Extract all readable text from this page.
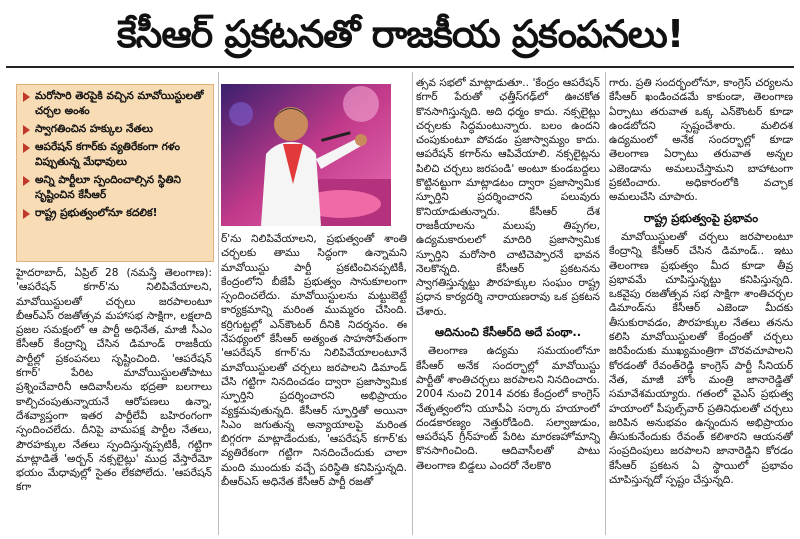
కేసీఆర్ ప్రకటనతో రాజకీయ ప్రకంపనలు!
మరోసారి తెరపైకి వచ్చిన మావోయిస్టులతో చర్చల అంశం
స్వాగతించిన హక్కుల నేతలు
ఆపరేషన్ కగార్‌కు వ్యతిరేకంగా గళం విప్పుతున్న మేధావులు
అన్ని పార్టీలూ స్పందించాల్సిన స్థితిని సృష్టించిన కేసీఆర్
రాష్ట్ర ప్రభుత్వంలోనూ కదలిక!

హైదరాబాద్, ఏప్రిల్ 28 (నమస్తే తెలంగాణ): 'ఆపరేషన్ కగార్'ను నిలిపివేయాలని, మావోయిస్టులతో చర్చలు జరపాలంటూ బీఆర్ఎస్ రజతోత్సవ మహాసభ సాక్షిగా, లక్షలాది ప్రజల సమక్షంలో ఆ పార్టీ అధినేత, మాజీ సీఎం కేసీఆర్ కేంద్రాన్ని చేసిన డిమాండ్ రాజకీయ పార్టీల్లో ప్రకంపనలు సృష్టించింది. 'ఆపరేషన్ కగార్' పేరిట మావోయిస్టులతోపాటు ప్రశ్నించేవారినీ ఆదివాసీలను భద్రతా బలగాలు కాల్చిచంపుతున్నాయనే ఆరోపణలు ఉన్నా, దేశవ్యాప్తంగా ఇతర పార్టీలేవీ బహిరంగంగా స్పందించలేదు. దీనిపై వామపక్ష పార్టీల నేతలు, పౌరహక్కుల నేతలు స్పందిస్తున్నప్పటికీ, గట్టిగా మాట్లాడితే 'అర్బన్ నక్సలైట్లు' ముద్ర వేస్తారేమో భయం మేధావుల్లో సైతం లేకపోలేదు. 'ఆపరేషన్ కగా

ర్'ను నిలిపివేయాలని, ప్రభుత్వంతో శాంతి చర్చలకు తాము సిద్ధంగా ఉన్నామని మావోయిస్టు పార్టీ ప్రకటించినప్పటికీ, కేంద్రంలోని బీజేపీ ప్రభుత్వం సానుకూలంగా స్పందించలేదు. మావోయిస్టులను మట్టుబెట్టే కార్యక్రమాన్ని మరింత ముమ్మరం చేసింది. కర్రిగుట్టల్లో ఎన్‌కౌంటర్ దీనికి నిదర్శనం. ఈ నేపథ్యంలో కేసీఆర్ అత్యంత సాహసోపేతంగా 'ఆపరేషన్ కగార్'ను నిలిపివేయాలంటూనే మావోయిస్టులతో చర్చలు జరపాలని డిమాండ్ చేసి గట్టిగా నినదించడం ద్వారా ప్రజాస్వామిక స్ఫూర్తిని ప్రదర్శించారని అభిప్రాయం వ్యక్తమవుతున్నది. కేసీఆర్ స్ఫూర్తితో అయినా సిఎం జగుతున్న అన్యాయాలపై మరింత బిగ్గరగా మాట్లాడేందుకు, 'ఆపరేషన్ కగార్'కు వ్యతిరేకంగా గట్టిగా నినదించేందుకు చాలా మంది ముందుకు వచ్చే పరిస్థితి కనిపిస్తున్నది. బీఆర్ఎస్ అధినేత కేసీఆర్ పార్టీ రజతో

త్సవ సభలో మాట్లాడుతూ.. 'కేంద్రం ఆపరేషన్ కగార్ పేరుతో ఛత్తీస్‌గఢ్‌లో ఊచకోత కొనసాగిస్తున్నది. అది ధర్మం కాదు. నక్సలైట్లు చర్చలకు సిద్ధమంటున్నారు. బలం ఉందని చంపుకుంటూ పోవడం ప్రజాస్వామ్యం కాదు. ఆపరేషన్ కగార్‌ను ఆపివేయాలి. నక్సలైట్లను పిలిచి చర్చలు జరపండి' అంటూ కుండబద్దలు కొట్టినట్టుగా మాట్లాడటం ద్వారా ప్రజాస్వామిక స్ఫూర్తిని ప్రదర్శించారని పలువురు కొనియాడుతున్నారు. కేసీఆర్ దేశ రాజకీయాలను మలుపు తిప్పగల, ఉద్యమకారులలో మాదిరి ప్రజాస్వామిక స్ఫూర్తిని మరోసారి చాటిచెప్పారనే భావన నెలకొన్నది. కేసీఆర్ ప్రకటనను స్వాగతిస్తున్నట్టు పౌరహక్కుల సంఘం రాష్ట్ర ప్రధాన కార్యదర్శి నారాయణరావు ఒక ప్రకటన చేశారు.

ఆదినుంచి కేసీఆర్‌ది అదే పంథా..

తెలంగాణ ఉద్యమ సమయంలోనూ కేసీఆర్ అనేక సందర్భాల్లో మావోయిస్టు పార్టీతో శాంతిచర్చలు జరపాలని నినదించారు. 2004 నుంచి 2014 వరకు కేంద్రంలో కాంగ్రెస్ నేతృత్వంలోని యూపీఏ సర్కారు హయాంలో దండకారణ్యం నెత్తురోడింది. సల్వాజుడుం, ఆపరేషన్ గ్రీన్‌హంట్ పేరిట మారణహోమాన్ని కొనసాగించింది. ఆదివాసీలతో పాటు తెలంగాణ బిడ్డలు ఎందరో నేలకొరి

గారు. ప్రతి సందర్భంలోనూ, కాంగ్రెస్ చర్యలను కేసీఆర్ ఖండించడమే కాకుండా, తెలంగాణ ఏర్పాటు తరువాత ఒక్క ఎన్‌కౌంటర్ కూడా ఉండబోదని స్పష్టంచేశారు. మలిదశ ఉద్యమంలో అనేక సందర్భాల్లో కూడా తెలంగాణ ఏర్పాటు తరువాత అన్నల ఎజెండాను అమలుచేస్తామని బాహాటంగా ప్రకటించారు. అధికారంలోకి వచ్చాక అమలుచేసి చూపారు.

రాష్ట్ర ప్రభుత్వంపై ప్రభావం

మావోయిస్టులతో చర్చలు జరపాలంటూ కేంద్రాన్ని కేసీఆర్ చేసిన డిమాండ్.. ఇటు తెలంగాణ ప్రభుత్వం మీద కూడా తీవ్ర ప్రభావమే చూపిస్తున్నట్టు కనిపిస్తున్నది. ఒకవైపు రజతోత్సవ సభ సాక్షిగా శాంతిచర్చల డిమాండ్‌ను కేసీఆర్ ఎజెండా మీదకు తీసుకురావడం, పౌరహక్కుల నేతలు తనను కలిసి మావోయిస్టులతో కేంద్రంతో చర్చలు జరిపేందుకు ముఖ్యమంత్రిగా చొరవచూపాలని కోరడంతో రేవంత్‌రెడ్డి కాంగ్రెస్ పార్టీ సీనియర్ నేత, మాజీ హోం మంత్రి జానారెడ్డితో సమావేశమయ్యారు. గతంలో వైఎస్ ప్రభుత్వ హయాంలో పీపుల్స్‌వార్ ప్రతినిధులతో చర్చలు జరిపిన అనుభవం ఉన్నందున అభిప్రాయం తీసుకునేందుకు రేవంత్ కలిశారని ఆయనతో సంప్రదింపులు జరపాలని జానారెడ్డిని కోరడం కేసీఆర్ ప్రకటన ఏ స్థాయిలో ప్రభావం చూపిస్తున్నదో స్పష్టం చేస్తున్నది.
